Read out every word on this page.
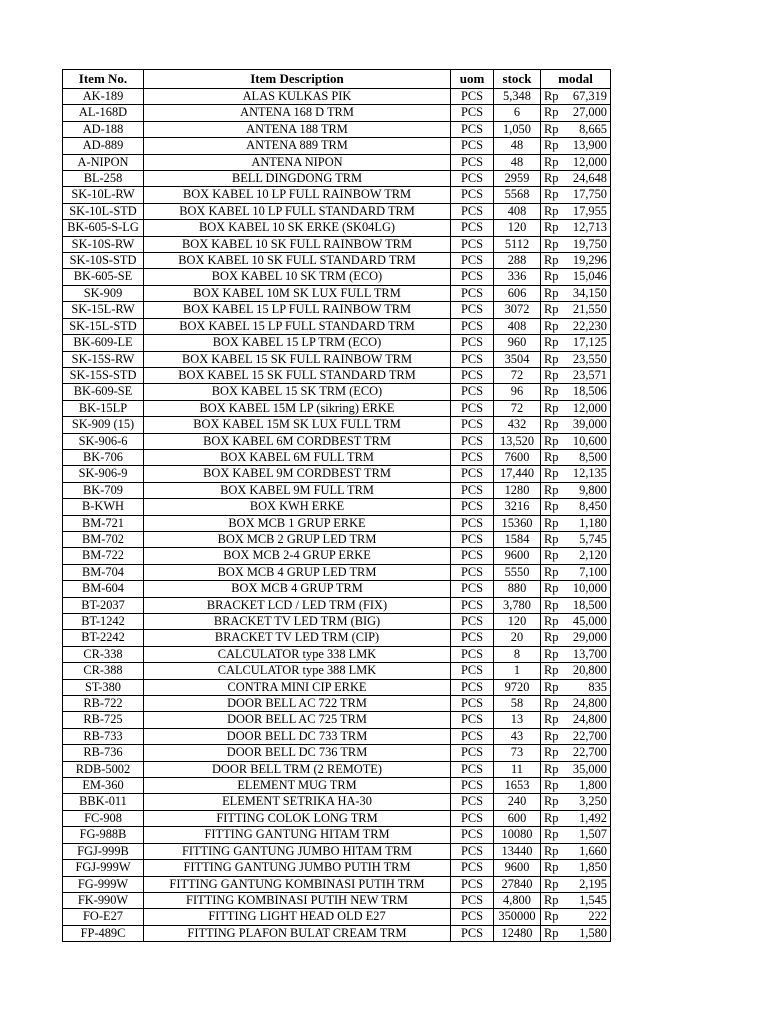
Item No.	Item Description	uom	stock	modal
AK-189	ALAS KULKAS PIK	PCS	5,348	Rp 67,319

AL-168D	ANTENA 168 D TRM	PCS	6	Rp 27,000

AD-188	ANTENA 188 TRM	PCS	1,050	Rp 8,665

AD-889	ANTENA 889 TRM	PCS	48	Rp 13,900

A-NIPON	ANTENA NIPON	PCS	48	Rp 12,000

BL-258	BELL DINGDONG TRM	PCS	2959	Rp 24,648

SK-10L-RW	BOX KABEL 10 LP FULL RAINBOW TRM	PCS	5568	Rp 17,750

SK-10L-STD	BOX KABEL 10 LP FULL STANDARD TRM	PCS	408	Rp 17,955

BK-605-S-LG	BOX KABEL 10 SK ERKE (SK04LG)	PCS	120	Rp 12,713

SK-10S-RW	BOX KABEL 10 SK FULL RAINBOW TRM	PCS	5112	Rp 19,750

SK-10S-STD	BOX KABEL 10 SK FULL STANDARD TRM	PCS	288	Rp 19,296

BK-605-SE	BOX KABEL 10 SK TRM (ECO)	PCS	336	Rp 15,046

SK-909	BOX KABEL 10M SK LUX FULL TRM	PCS	606	Rp 34,150

SK-15L-RW	BOX KABEL 15 LP FULL RAINBOW TRM	PCS	3072	Rp 21,550

SK-15L-STD	BOX KABEL 15 LP FULL STANDARD TRM	PCS	408	Rp 22,230

BK-609-LE	BOX KABEL 15 LP TRM (ECO)	PCS	960	Rp 17,125

SK-15S-RW	BOX KABEL 15 SK FULL RAINBOW TRM	PCS	3504	Rp 23,550

SK-15S-STD	BOX KABEL 15 SK FULL STANDARD TRM	PCS	72	Rp 23,571

BK-609-SE	BOX KABEL 15 SK TRM (ECO)	PCS	96	Rp 18,506

BK-15LP	BOX KABEL 15M LP (sikring) ERKE	PCS	72	Rp 12,000

SK-909 (15)	BOX KABEL 15M SK LUX FULL TRM	PCS	432	Rp 39,000

SK-906-6	BOX KABEL 6M CORDBEST TRM	PCS	13,520	Rp 10,600

BK-706	BOX KABEL 6M FULL TRM	PCS	7600	Rp 8,500

SK-906-9	BOX KABEL 9M CORDBEST TRM	PCS	17,440	Rp 12,135

BK-709	BOX KABEL 9M FULL TRM	PCS	1280	Rp 9,800

B-KWH	BOX KWH ERKE	PCS	3216	Rp 8,450

BM-721	BOX MCB 1 GRUP ERKE	PCS	15360	Rp 1,180

BM-702	BOX MCB 2 GRUP LED TRM	PCS	1584	Rp 5,745

BM-722	BOX MCB 2-4 GRUP ERKE	PCS	9600	Rp 2,120

BM-704	BOX MCB 4 GRUP LED TRM	PCS	5550	Rp 7,100

BM-604	BOX MCB 4 GRUP TRM	PCS	880	Rp 10,000

BT-2037	BRACKET LCD / LED TRM (FIX)	PCS	3,780	Rp 18,500

BT-1242	BRACKET TV LED TRM (BIG)	PCS	120	Rp 45,000

BT-2242	BRACKET TV LED TRM (CIP)	PCS	20	Rp 29,000

CR-338	CALCULATOR type 338 LMK	PCS	8	Rp 13,700

CR-388	CALCULATOR type 388 LMK	PCS	1	Rp 20,800

ST-380	CONTRA MINI CIP ERKE	PCS	9720	Rp 835

RB-722	DOOR BELL AC 722 TRM	PCS	58	Rp 24,800

RB-725	DOOR BELL AC 725 TRM	PCS	13	Rp 24,800

RB-733	DOOR BELL DC 733 TRM	PCS	43	Rp 22,700

RB-736	DOOR BELL DC 736 TRM	PCS	73	Rp 22,700

RDB-5002	DOOR BELL TRM (2 REMOTE)	PCS	11	Rp 35,000

EM-360	ELEMENT MUG TRM	PCS	1653	Rp 1,800

BBK-011	ELEMENT SETRIKA HA-30	PCS	240	Rp 3,250

FC-908	FITTING COLOK LONG TRM	PCS	600	Rp 1,492

FG-988B	FITTING GANTUNG HITAM TRM	PCS	10080	Rp 1,507

FGJ-999B	FITTING GANTUNG JUMBO HITAM TRM	PCS	13440	Rp 1,660

FGJ-999W	FITTING GANTUNG JUMBO PUTIH TRM	PCS	9600	Rp 1,850

FG-999W	FITTING GANTUNG KOMBINASI PUTIH TRM	PCS	27840	Rp 2,195

FK-990W	FITTING KOMBINASI PUTIH NEW TRM	PCS	4,800	Rp 1,545

FO-E27	FITTING LIGHT HEAD OLD E27	PCS	350000	Rp 222

FP-489C	FITTING PLAFON BULAT CREAM TRM	PCS	12480	Rp 1,580
